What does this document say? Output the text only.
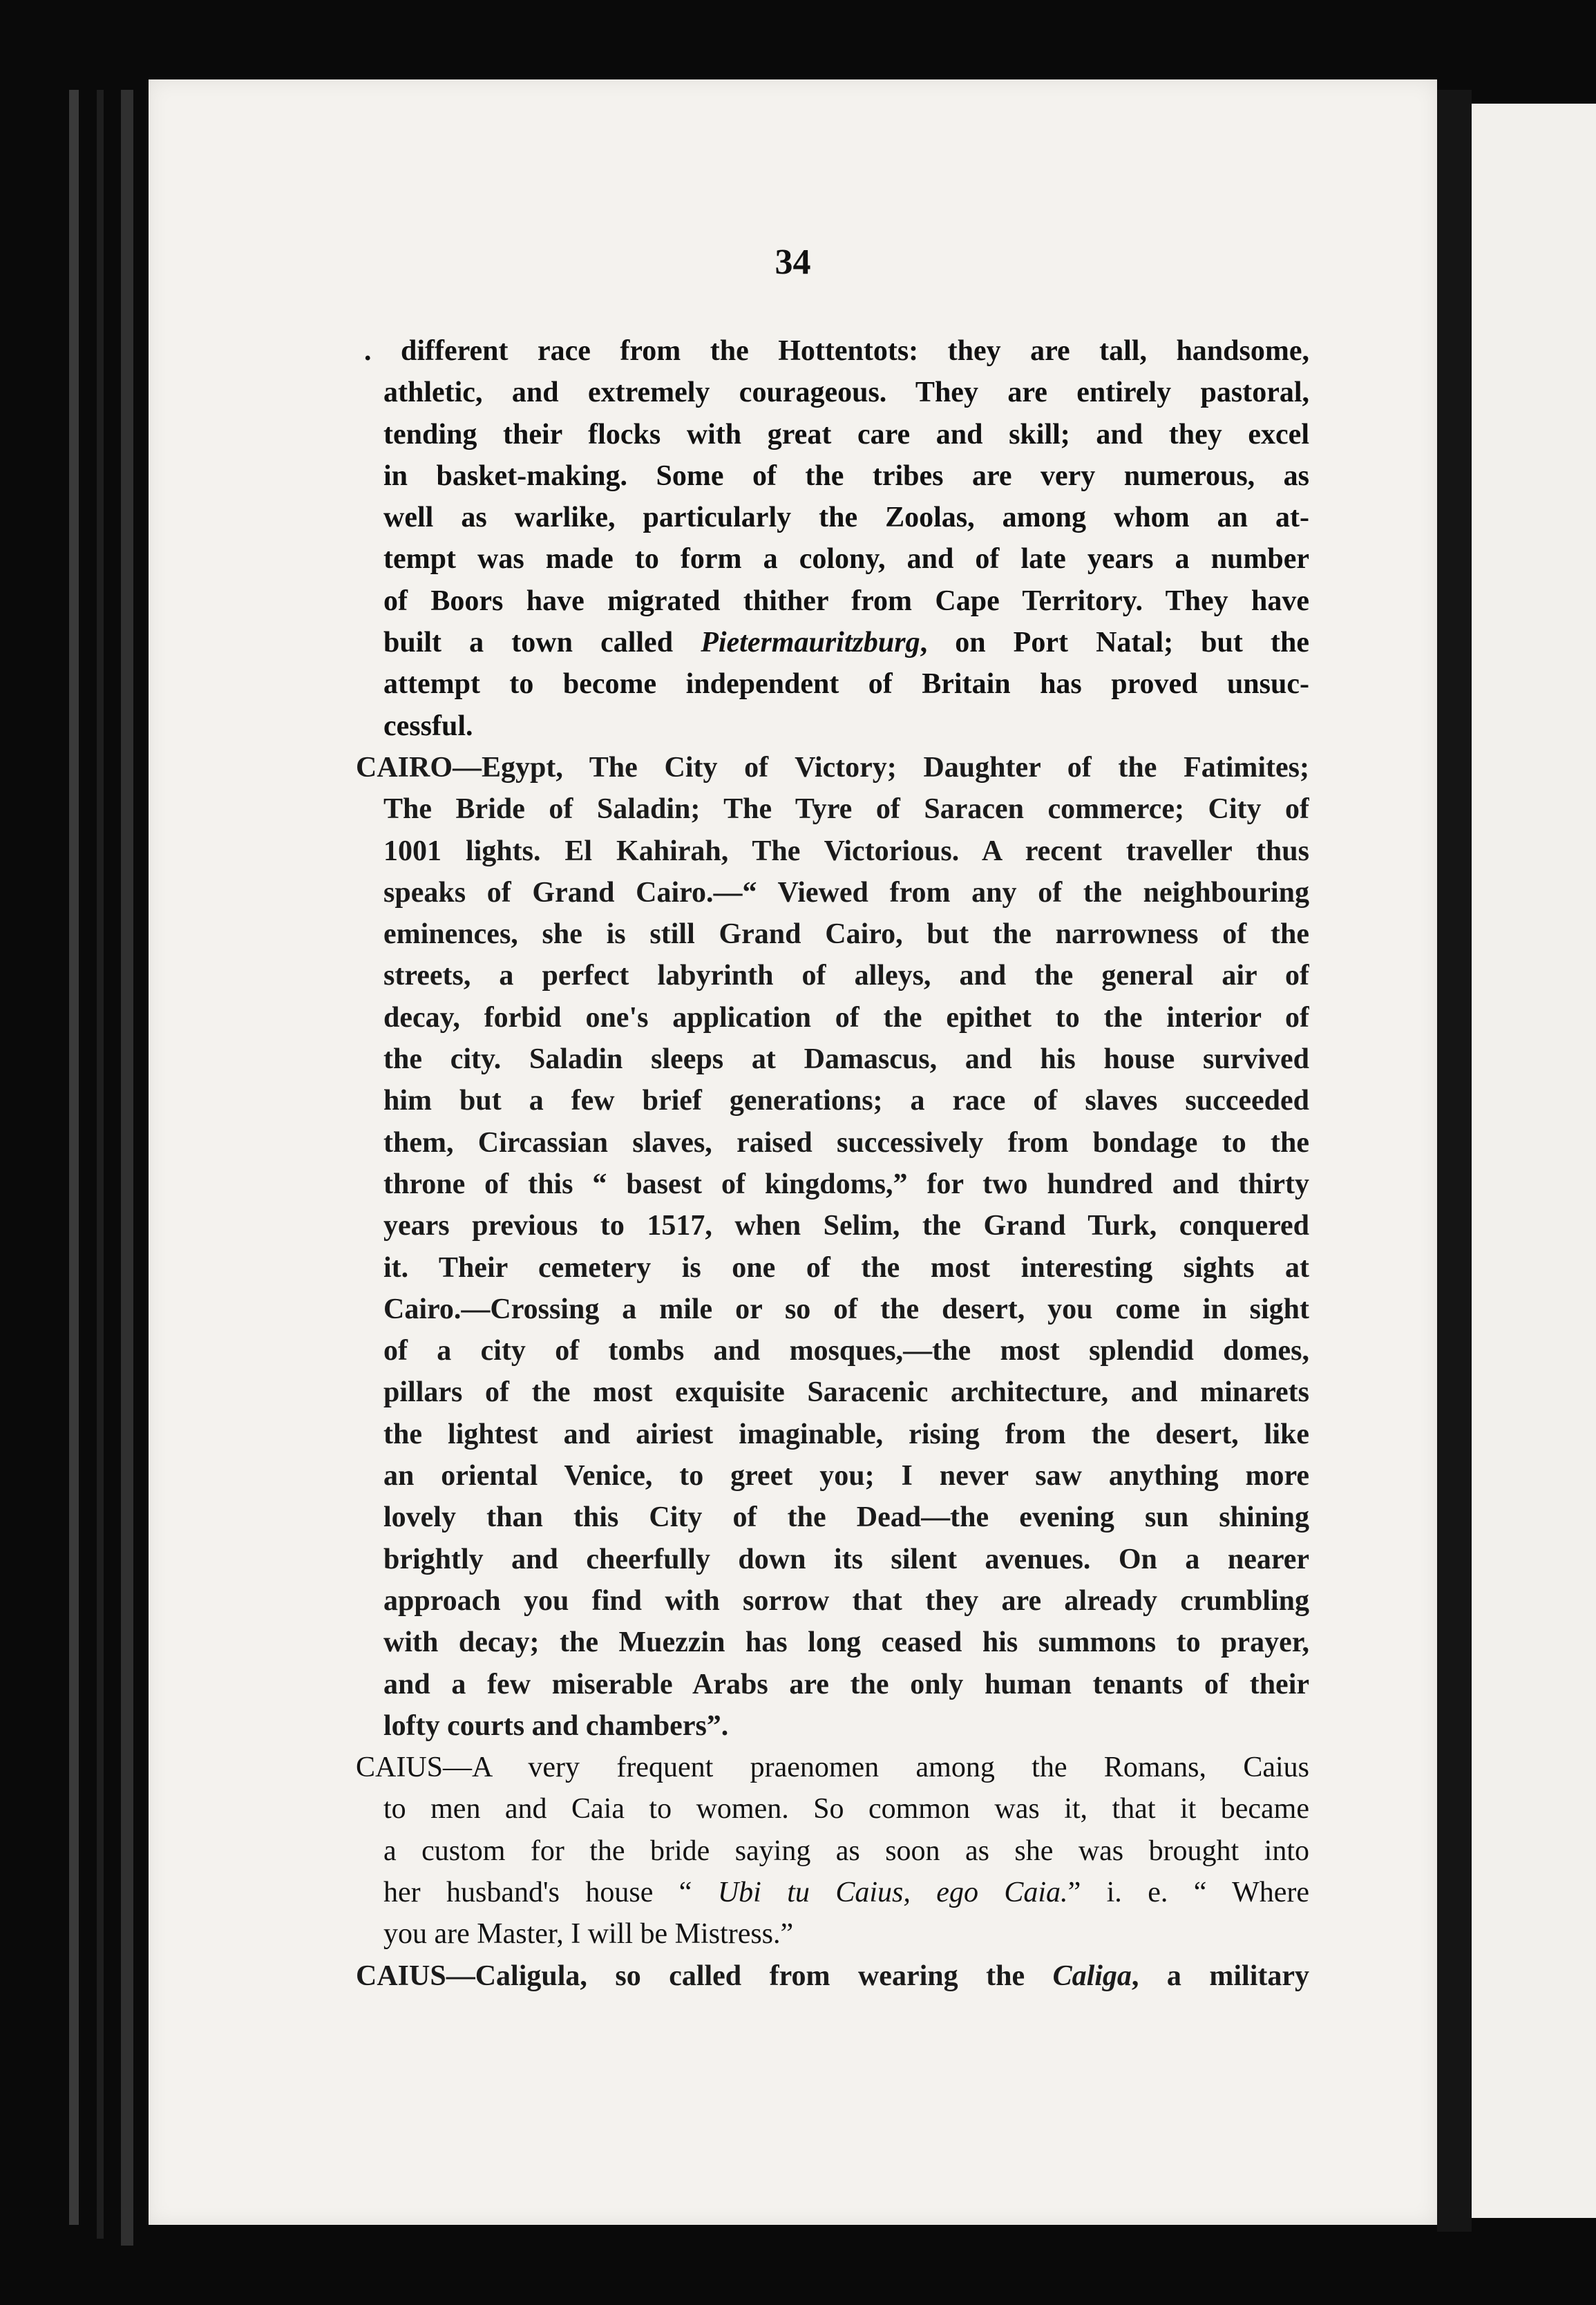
34
. different race from the Hottentots: they are tall, handsome,
athletic, and extremely courageous. They are entirely pastoral,
tending their flocks with great care and skill; and they excel
in basket-making. Some of the tribes are very numerous, as
well as warlike, particularly the Zoolas, among whom an at-
tempt was made to form a colony, and of late years a number
of Boors have migrated thither from Cape Territory. They have
built a town called Pietermauritzburg, on Port Natal; but the
attempt to become independent of Britain has proved unsuc-
cessful.
CAIRO—Egypt, The City of Victory; Daughter of the Fatimites;
The Bride of Saladin; The Tyre of Saracen commerce; City of
1001 lights. El Kahirah, The Victorious. A recent traveller thus
speaks of Grand Cairo.—“ Viewed from any of the neighbouring
eminences, she is still Grand Cairo, but the narrowness of the
streets, a perfect labyrinth of alleys, and the general air of
decay, forbid one's application of the epithet to the interior of
the city. Saladin sleeps at Damascus, and his house survived
him but a few brief generations; a race of slaves succeeded
them, Circassian slaves, raised successively from bondage to the
throne of this “ basest of kingdoms,” for two hundred and thirty
years previous to 1517, when Selim, the Grand Turk, conquered
it. Their cemetery is one of the most interesting sights at
Cairo.—Crossing a mile or so of the desert, you come in sight
of a city of tombs and mosques,—the most splendid domes,
pillars of the most exquisite Saracenic architecture, and minarets
the lightest and airiest imaginable, rising from the desert, like
an oriental Venice, to greet you; I never saw anything more
lovely than this City of the Dead—the evening sun shining
brightly and cheerfully down its silent avenues. On a nearer
approach you find with sorrow that they are already crumbling
with decay; the Muezzin has long ceased his summons to prayer,
and a few miserable Arabs are the only human tenants of their
lofty courts and chambers”.
CAIUS—A very frequent praenomen among the Romans, Caius
to men and Caia to women. So common was it, that it became
a custom for the bride saying as soon as she was brought into
her husband's house “ Ubi tu Caius, ego Caia.” i. e. “ Where
you are Master, I will be Mistress.”
CAIUS—Caligula, so called from wearing the Caliga, a military
